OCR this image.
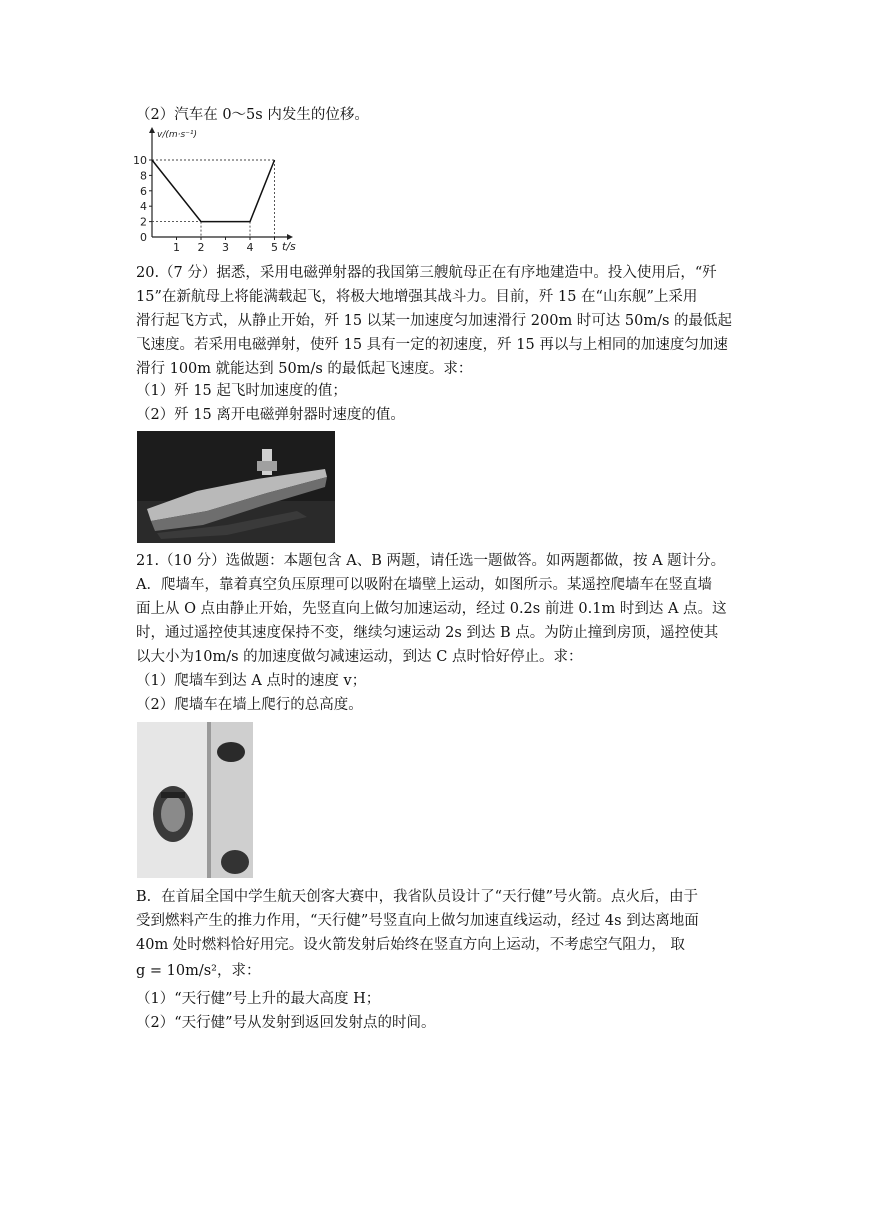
（2）汽车在 0～5s 内发生的位移。
v/(m·s⁻¹)
t/s
0
2
4
6
8
10
1 2 3 4 5
20.（7 分）据悉，采用电磁弹射器的我国第三艘航母正在有序地建造中。投入使用后，“歼
15”在新航母上将能满载起飞，将极大地增强其战斗力。目前，歼 15 在“山东舰”上采用
滑行起飞方式，从静止开始，歼 15 以某一加速度匀加速滑行 200m 时可达 50m/s 的最低起
飞速度。若采用电磁弹射，使歼 15 具有一定的初速度，歼 15 再以与上相同的加速度匀加速
滑行 100m 就能达到 50m/s 的最低起飞速度。求：
（1）歼 15 起飞时加速度的值；
（2）歼 15 离开电磁弹射器时速度的值。
21.（10 分）选做题：本题包含 A、B 两题，请任选一题做答。如两题都做，按 A 题计分。
A．爬墙车，靠着真空负压原理可以吸附在墙壁上运动，如图所示。某遥控爬墙车在竖直墙
面上从 O 点由静止开始，先竖直向上做匀加速运动，经过 0.2s 前进 0.1m 时到达 A 点。这
时，通过遥控使其速度保持不变，继续匀速运动 2s 到达 B 点。为防止撞到房顶，遥控使其
以大小为10m/s 的加速度做匀减速运动，到达 C 点时恰好停止。求：
（1）爬墙车到达 A 点时的速度 v；
（2）爬墙车在墙上爬行的总高度。
B．在首届全国中学生航天创客大赛中，我省队员设计了“天行健”号火箭。点火后，由于
受到燃料产生的推力作用，“天行健”号竖直向上做匀加速直线运动，经过 4s 到达离地面
40m 处时燃料恰好用完。设火箭发射后始终在竖直方向上运动，不考虑空气阻力， 取
g = 10m/s²，求：
（1）“天行健”号上升的最大高度 H；
（2）“天行健”号从发射到返回发射点的时间。
